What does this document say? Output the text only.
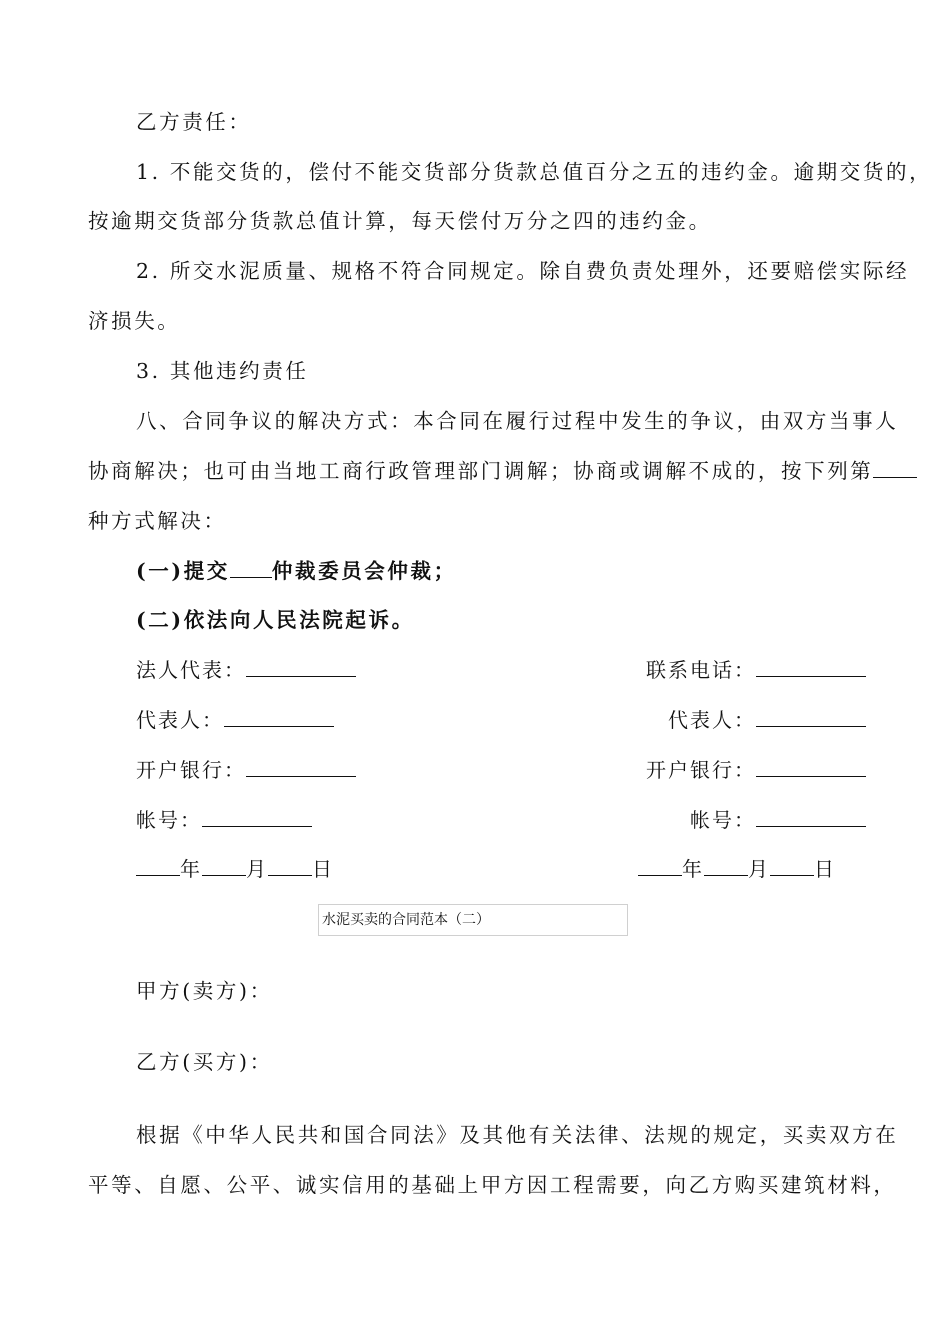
乙方责任：
1. 不能交货的，偿付不能交货部分货款总值百分之五的违约金。逾期交货的，
按逾期交货部分货款总值计算，每天偿付万分之四的违约金。
2. 所交水泥质量、规格不符合同规定。除自费负责处理外，还要赔偿实际经
济损失。
3. 其他违约责任
八、合同争议的解决方式：本合同在履行过程中发生的争议，由双方当事人
协商解决；也可由当地工商行政管理部门调解；协商或调解不成的，按下列第
种方式解决：
(一)提交 仲裁委员会仲裁；
(二)依法向人民法院起诉。
法人代表：	联系电话：
代表人：	代表人：
开户银行：	开户银行：
帐号：	帐号：
年 月 日	年 月 日
水泥买卖的合同范本（二）
甲方(卖方)：
乙方(买方)：
根据《中华人民共和国合同法》及其他有关法律、法规的规定，买卖双方在
平等、自愿、公平、诚实信用的基础上甲方因工程需要，向乙方购买建筑材料，
